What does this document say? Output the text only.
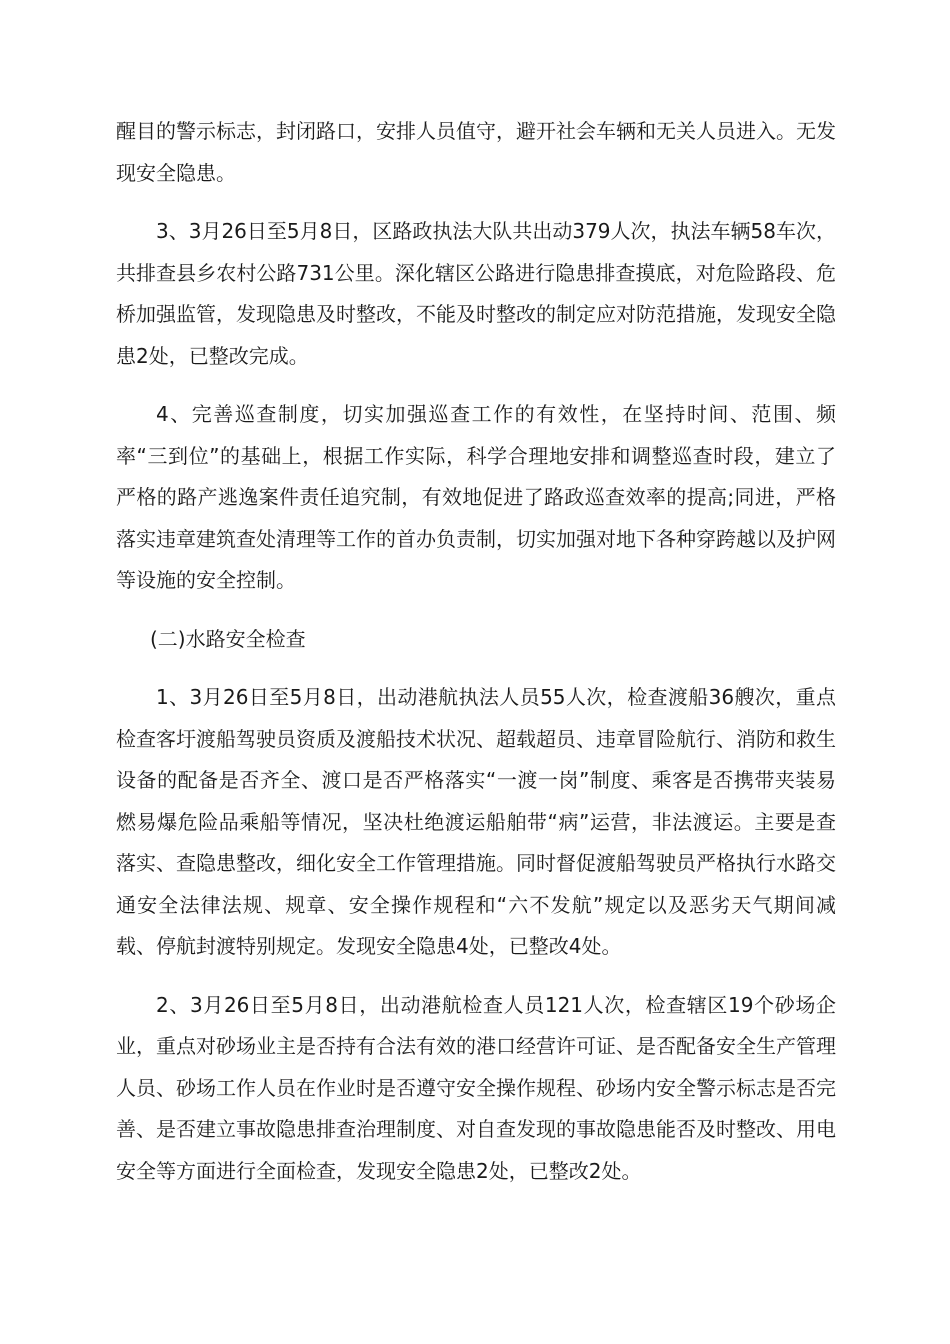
醒目的警示标志，封闭路口，安排人员值守，避开社会车辆和无关人员进入。无发现安全隐患。

3、3月26日至5月8日，区路政执法大队共出动379人次，执法车辆58车次，共排查县乡农村公路731公里。深化辖区公路进行隐患排查摸底，对危险路段、危桥加强监管，发现隐患及时整改，不能及时整改的制定应对防范措施，发现安全隐患2处，已整改完成。

4、完善巡查制度，切实加强巡查工作的有效性，在坚持时间、范围、频率“三到位”的基础上，根据工作实际，科学合理地安排和调整巡查时段，建立了严格的路产逃逸案件责任追究制，有效地促进了路政巡查效率的提高;同进，严格落实违章建筑查处清理等工作的首办负责制，切实加强对地下各种穿跨越以及护网等设施的安全控制。

(二)水路安全检查

1、3月26日至5月8日，出动港航执法人员55人次，检查渡船36艘次，重点检查客圩渡船驾驶员资质及渡船技术状况、超载超员、违章冒险航行、消防和救生设备的配备是否齐全、渡口是否严格落实“一渡一岗”制度、乘客是否携带夹装易燃易爆危险品乘船等情况，坚决杜绝渡运船舶带“病”运营，非法渡运。主要是查落实、查隐患整改，细化安全工作管理措施。同时督促渡船驾驶员严格执行水路交通安全法律法规、规章、安全操作规程和“六不发航”规定以及恶劣天气期间减载、停航封渡特别规定。发现安全隐患4处，已整改4处。

2、3月26日至5月8日，出动港航检查人员121人次，检查辖区19个砂场企业，重点对砂场业主是否持有合法有效的港口经营许可证、是否配备安全生产管理人员、砂场工作人员在作业时是否遵守安全操作规程、砂场内安全警示标志是否完善、是否建立事故隐患排查治理制度、对自查发现的事故隐患能否及时整改、用电安全等方面进行全面检查，发现安全隐患2处，已整改2处。
